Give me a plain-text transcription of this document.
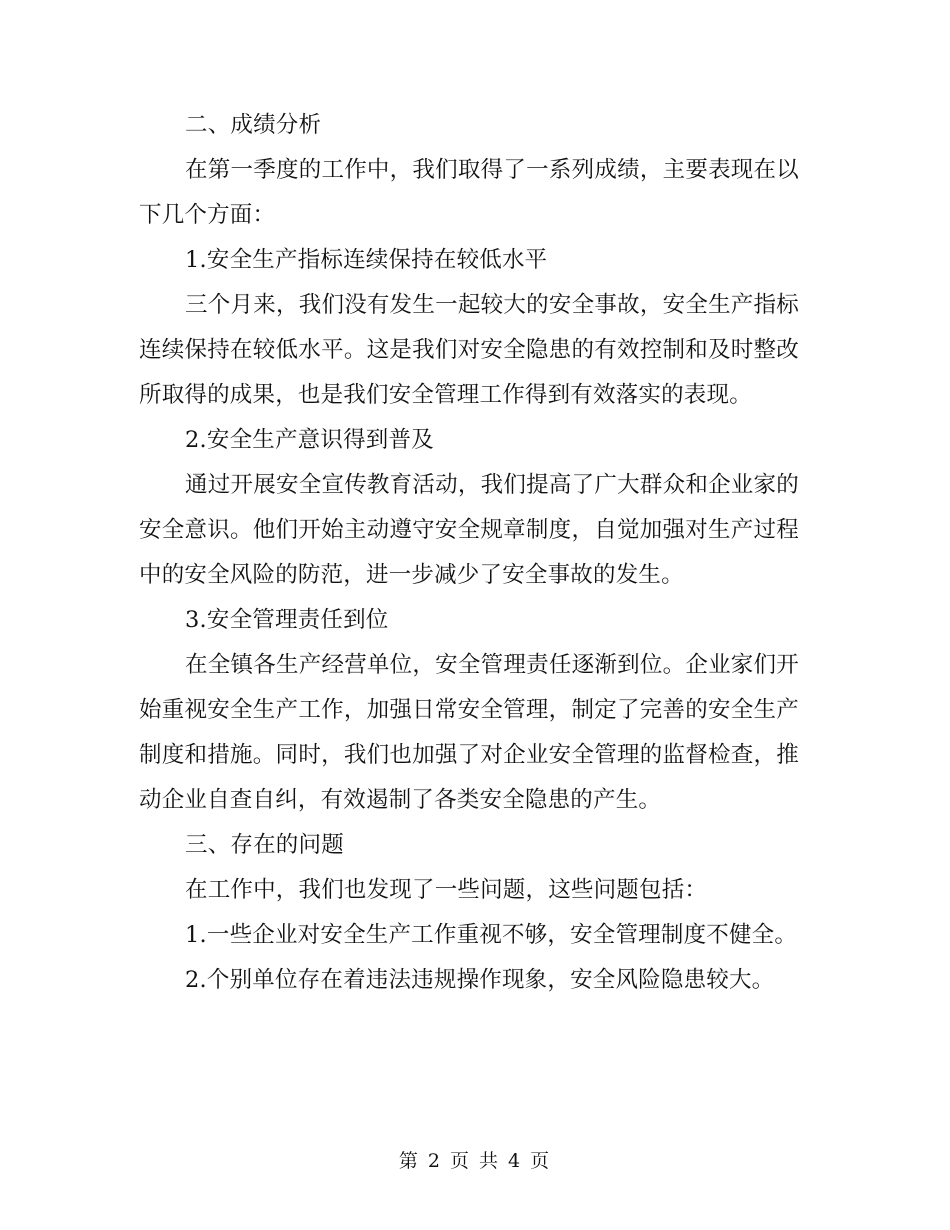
二、成绩分析

在第一季度的工作中，我们取得了一系列成绩，主要表现在以下几个方面：

1.安全生产指标连续保持在较低水平

三个月来，我们没有发生一起较大的安全事故，安全生产指标连续保持在较低水平。这是我们对安全隐患的有效控制和及时整改所取得的成果，也是我们安全管理工作得到有效落实的表现。

2.安全生产意识得到普及

通过开展安全宣传教育活动，我们提高了广大群众和企业家的安全意识。他们开始主动遵守安全规章制度，自觉加强对生产过程中的安全风险的防范，进一步减少了安全事故的发生。

3.安全管理责任到位

在全镇各生产经营单位，安全管理责任逐渐到位。企业家们开始重视安全生产工作，加强日常安全管理，制定了完善的安全生产制度和措施。同时，我们也加强了对企业安全管理的监督检查，推动企业自查自纠，有效遏制了各类安全隐患的产生。

三、存在的问题

在工作中，我们也发现了一些问题，这些问题包括：

1.一些企业对安全生产工作重视不够，安全管理制度不健全。

2.个别单位存在着违法违规操作现象，安全风险隐患较大。

第 2 页 共 4 页
